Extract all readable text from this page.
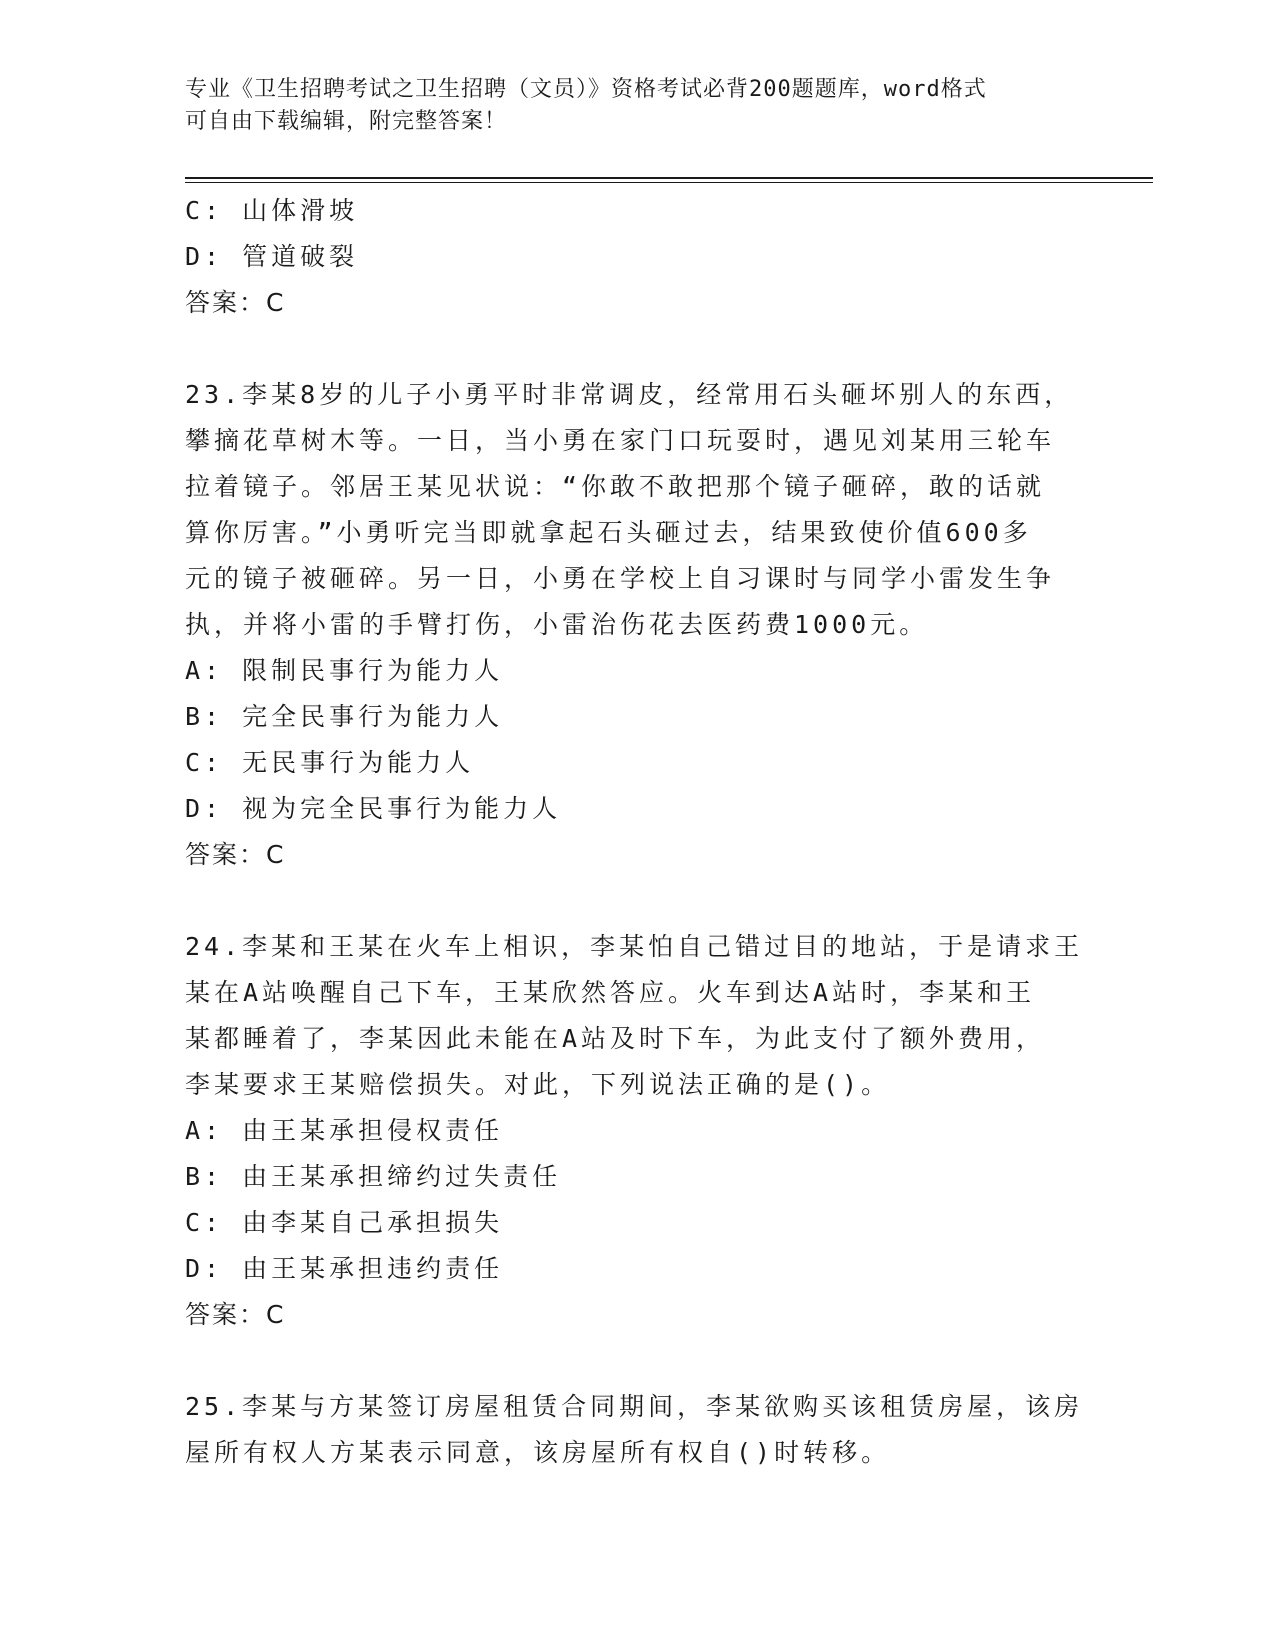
专业《卫生招聘考试之卫生招聘（文员）》资格考试必背200题题库，word格式
可自由下载编辑，附完整答案！
C: 山体滑坡
D: 管道破裂
答案：C
23.李某8岁的儿子小勇平时非常调皮，经常用石头砸坏别人的东西，
攀摘花草树木等。一日，当小勇在家门口玩耍时，遇见刘某用三轮车
拉着镜子。邻居王某见状说：“你敢不敢把那个镜子砸碎，敢的话就
算你厉害。”小勇听完当即就拿起石头砸过去，结果致使价值600多
元的镜子被砸碎。另一日，小勇在学校上自习课时与同学小雷发生争
执，并将小雷的手臂打伤，小雷治伤花去医药费1000元。
A: 限制民事行为能力人
B: 完全民事行为能力人
C: 无民事行为能力人
D: 视为完全民事行为能力人
答案：C
24.李某和王某在火车上相识，李某怕自己错过目的地站，于是请求王
某在A站唤醒自己下车，王某欣然答应。火车到达A站时，李某和王
某都睡着了，李某因此未能在A站及时下车，为此支付了额外费用，
李某要求王某赔偿损失。对此，下列说法正确的是()。
A: 由王某承担侵权责任
B: 由王某承担缔约过失责任
C: 由李某自己承担损失
D: 由王某承担违约责任
答案：C
25.李某与方某签订房屋租赁合同期间，李某欲购买该租赁房屋，该房
屋所有权人方某表示同意，该房屋所有权自()时转移。
